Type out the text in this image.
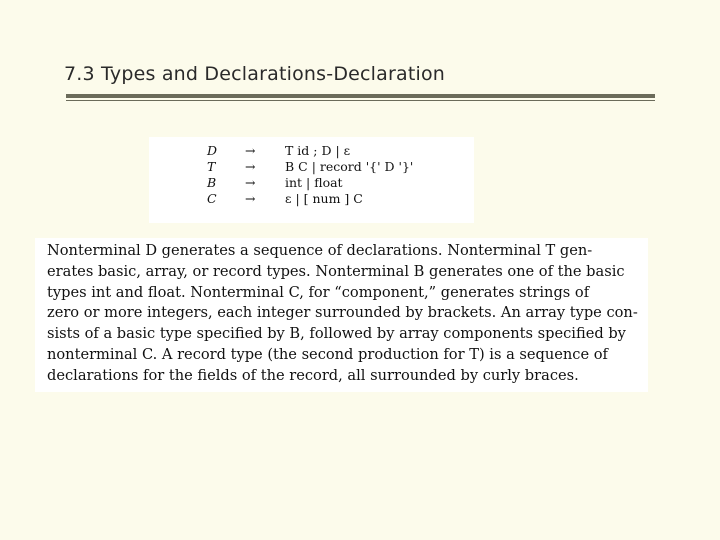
7.3 Types and Declarations-Declaration
D	→	T id ; D | ε
T	→	B C | record '{' D '}'
B	→	int | float
C	→	ε | [ num ] C

Nonterminal D generates a sequence of declarations. Nonterminal T gen-
erates basic, array, or record types. Nonterminal B generates one of the basic
types int and float. Nonterminal C, for “component,” generates strings of
zero or more integers, each integer surrounded by brackets. An array type con-
sists of a basic type specified by B, followed by array components specified by
nonterminal C. A record type (the second production for T) is a sequence of
declarations for the fields of the record, all surrounded by curly braces.
